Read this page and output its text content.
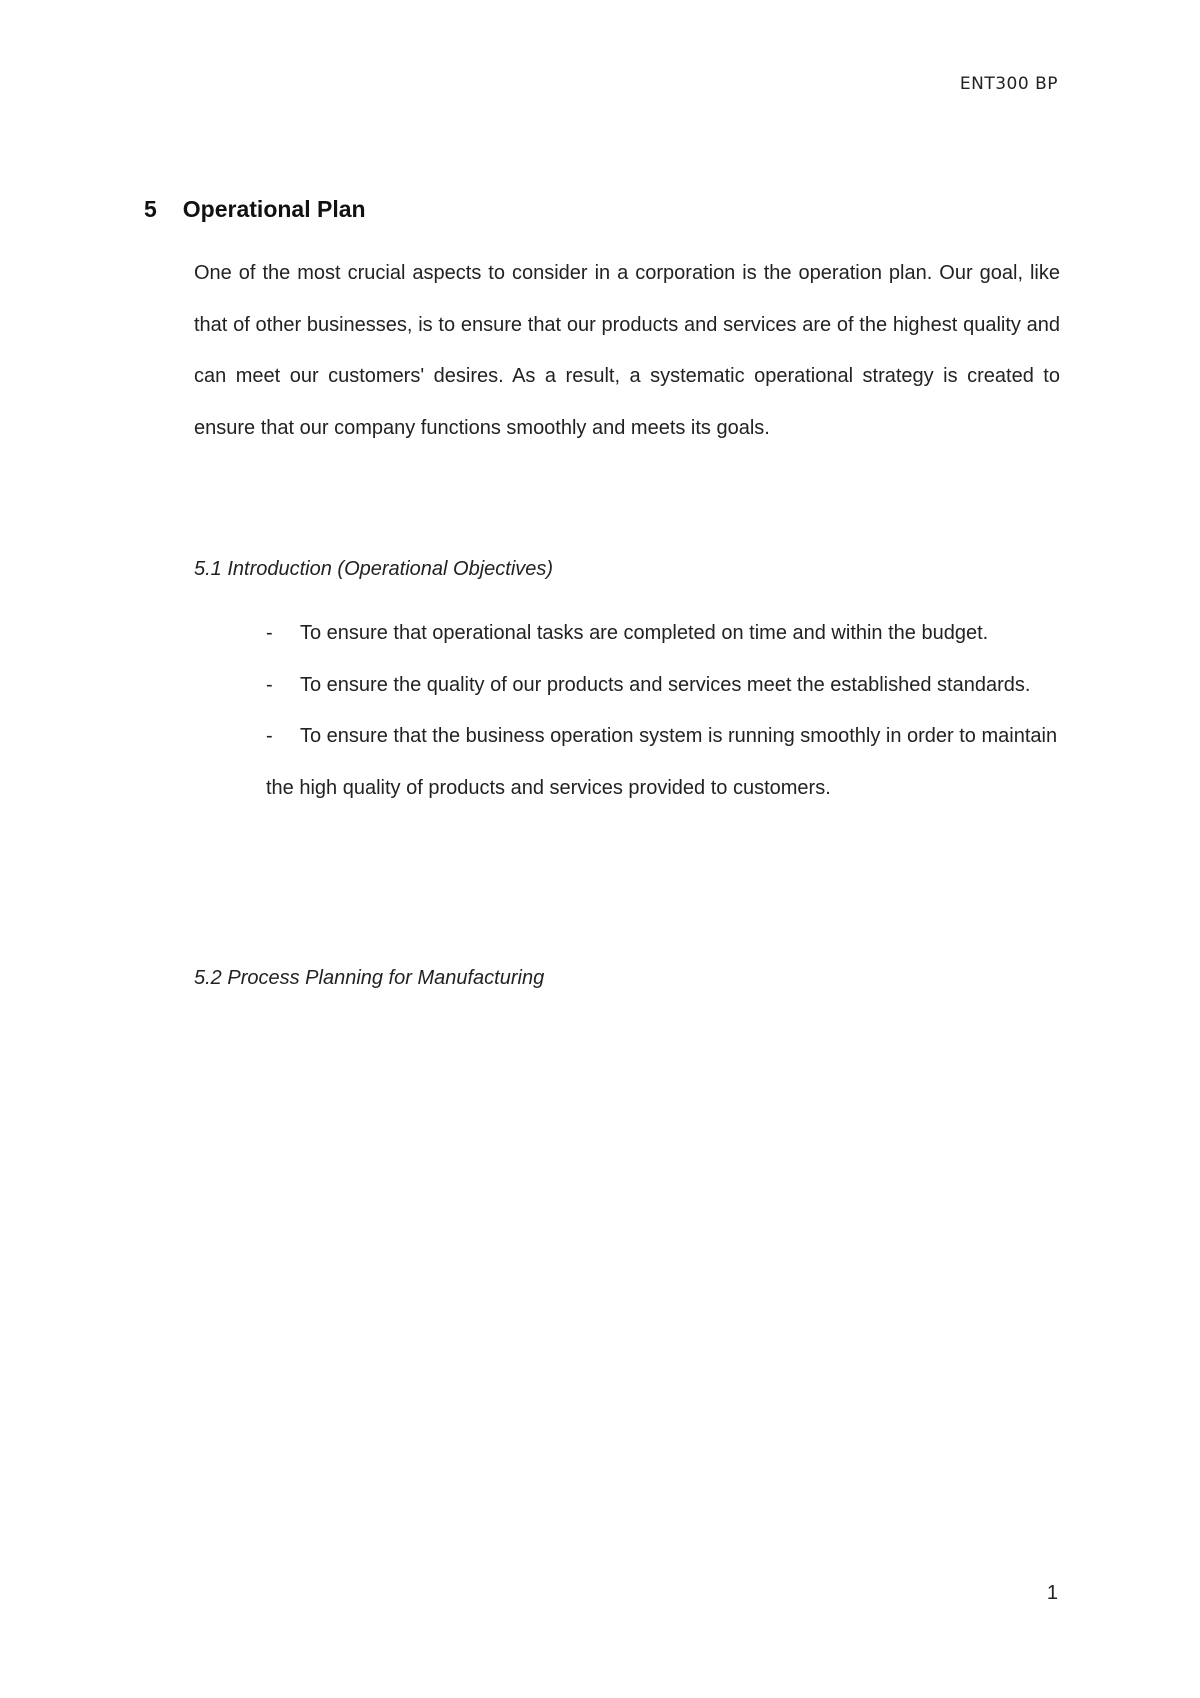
ENT300 BP
5 Operational Plan
One of the most crucial aspects to consider in a corporation is the operation plan. Our goal, like that of other businesses, is to ensure that our products and services are of the highest quality and can meet our customers' desires. As a result, a systematic operational strategy is created to ensure that our company functions smoothly and meets its goals.
5.1 Introduction (Operational Objectives)
- To ensure that operational tasks are completed on time and within the budget.
- To ensure the quality of our products and services meet the established standards.
- To ensure that the business operation system is running smoothly in order to maintain the high quality of products and services provided to customers.
5.2 Process Planning for Manufacturing
1
